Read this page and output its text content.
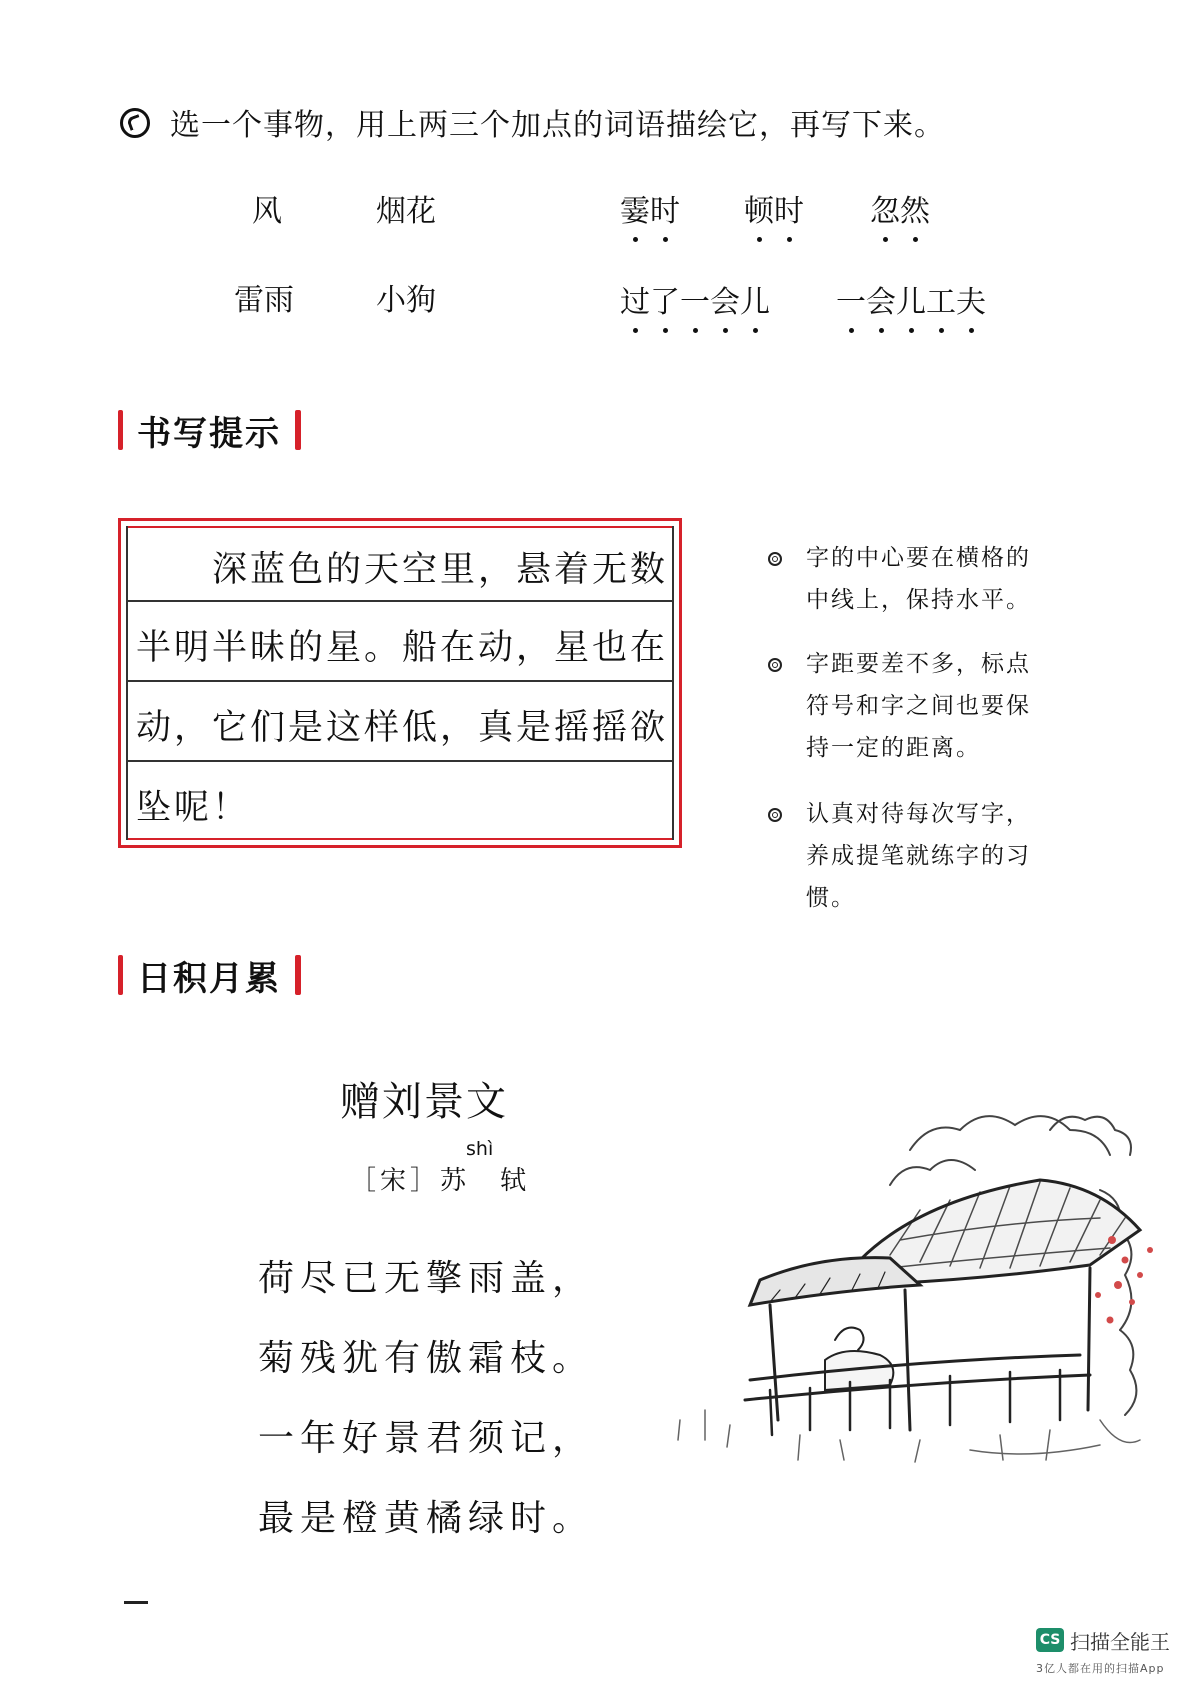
选一个事物，用上两三个加点的词语描绘它，再写下来。
风	烟花
雷雨	小狗
霎时 顿时 忽然
过了一会儿 一会儿工夫
书写提示
深蓝色的天空里，悬着无数
半明半昧的星。船在动，星也在
动，它们是这样低，真是摇摇欲
坠呢！
字的中心要在横格的中线上，保持水平。
字距要差不多，标点符号和字之间也要保持一定的距离。
认真对待每次写字，养成提笔就练字的习惯。
日积月累
赠刘景文
shì
［宋］苏　轼
荷尽已无擎雨盖，
菊残犹有傲霜枝。
一年好景君须记，
最是橙黄橘绿时。
CS 扫描全能王
3亿人都在用的扫描App
